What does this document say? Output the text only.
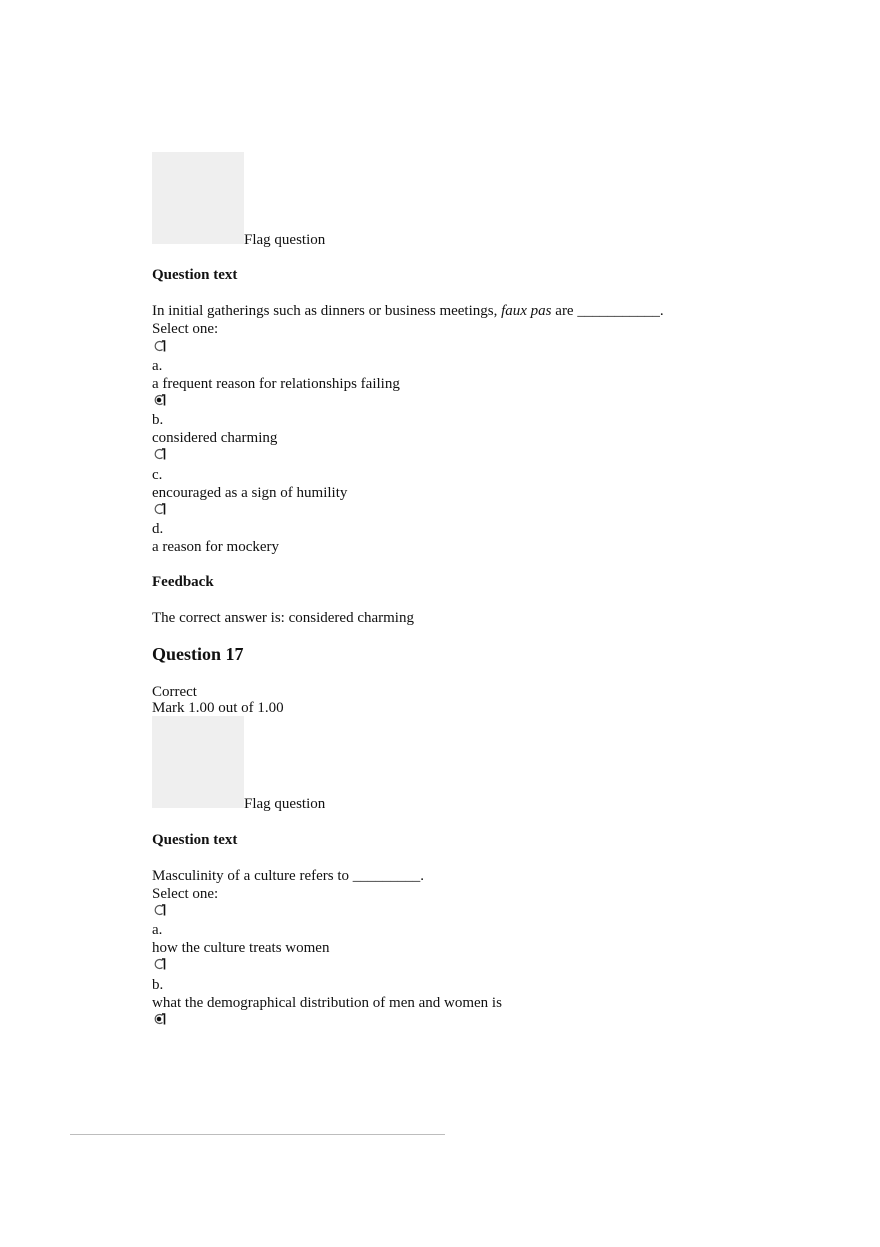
Flag question
Question text
In initial gatherings such as dinners or business meetings, faux pas are ___________.
Select one:
a.
a frequent reason for relationships failing
b.
considered charming
c.
encouraged as a sign of humility
d.
a reason for mockery
Feedback
The correct answer is: considered charming
Question 17
Correct
Mark 1.00 out of 1.00
Flag question
Question text
Masculinity of a culture refers to _________.
Select one:
a.
how the culture treats women
b.
what the demographical distribution of men and women is
